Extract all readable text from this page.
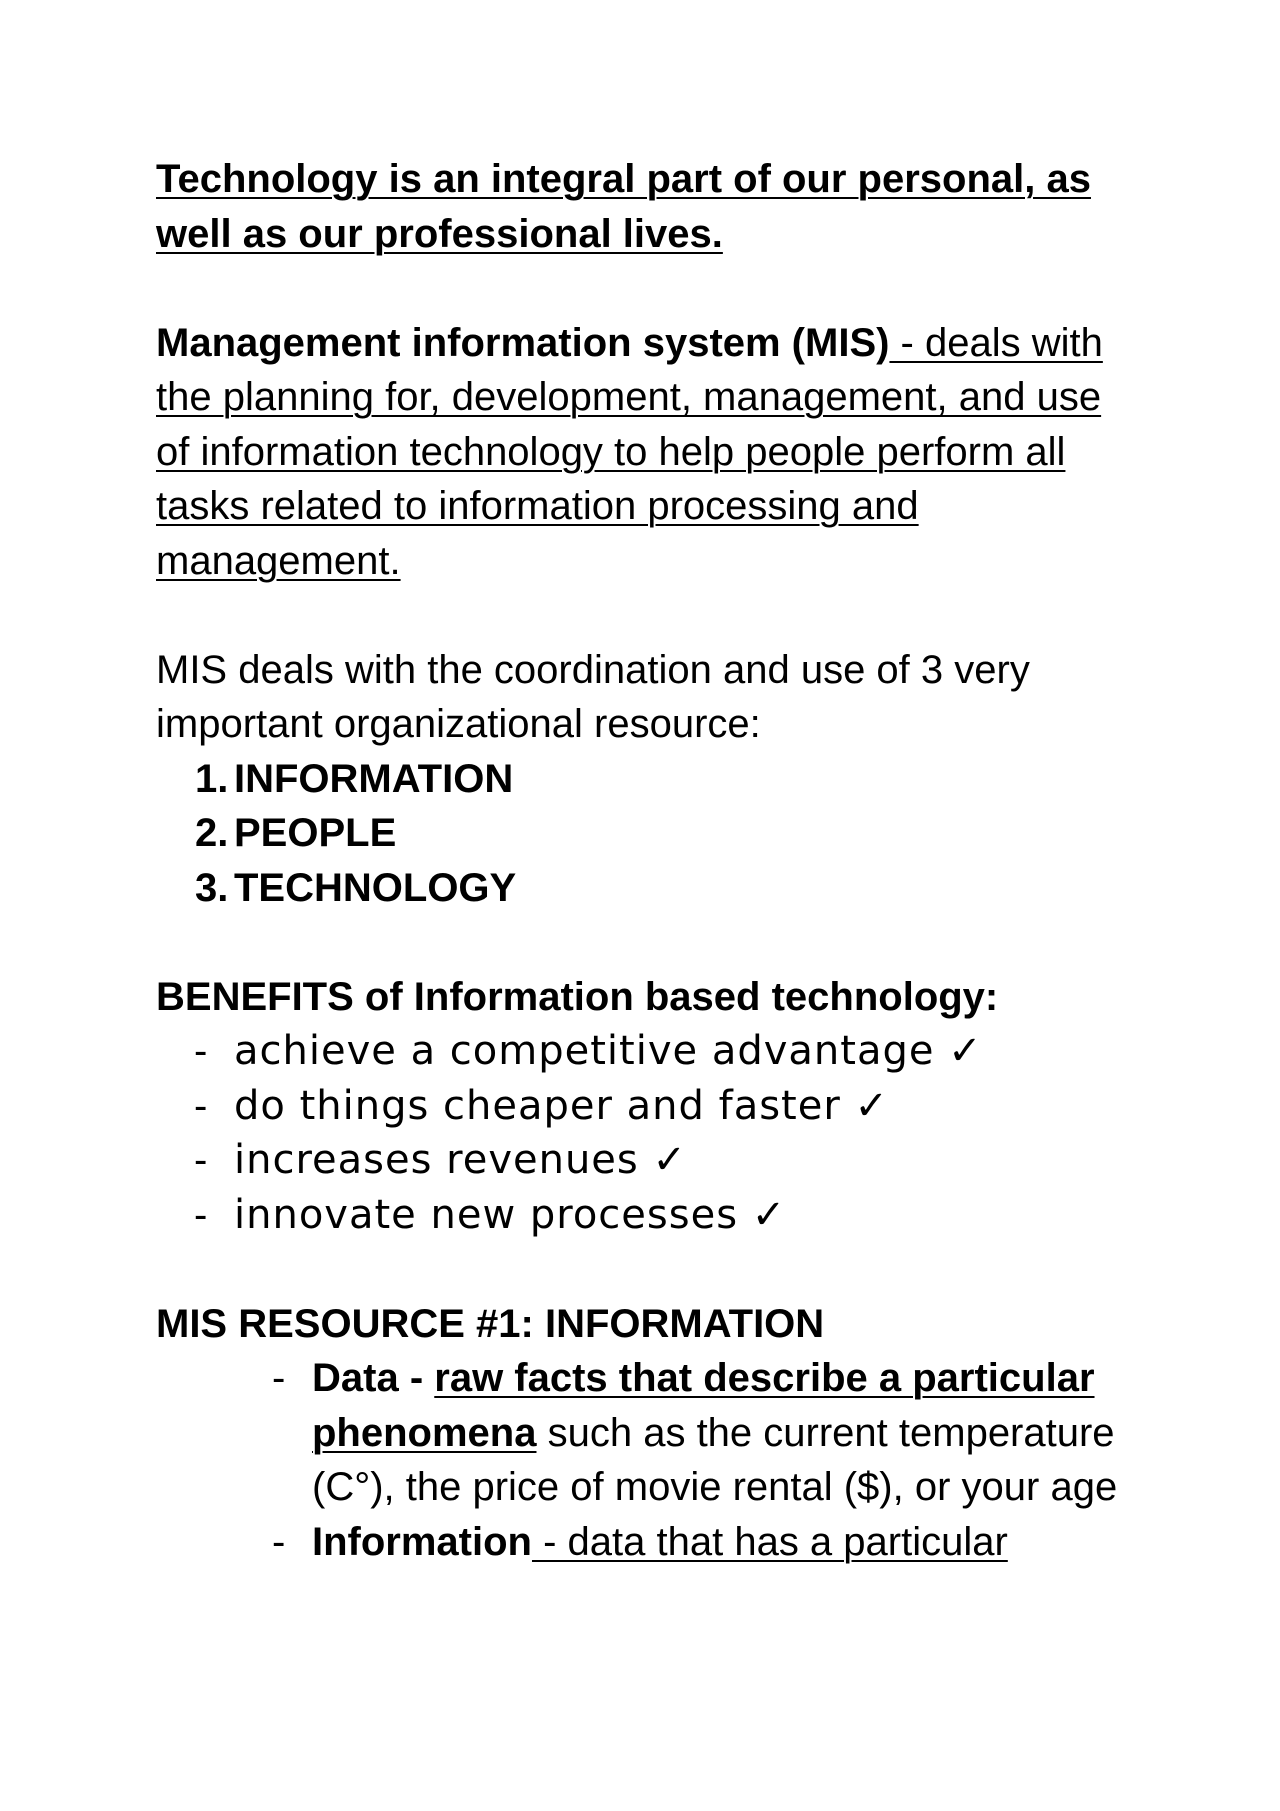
Technology is an integral part of our personal, as

well as our professional lives.

Management information system (MIS) - deals with the planning for, development, management, and use of information technology to help people perform all tasks related to information processing and management.

MIS deals with the coordination and use of 3 very important organizational resource:

1. INFORMATION
2. PEOPLE
3. TECHNOLOGY

BENEFITS of Information based technology:

- achieve a competitive advantage ✓
- do things cheaper and faster ✓
- increases revenues ✓
- innovate new processes ✓

MIS RESOURCE #1: INFORMATION

- Data - raw facts that describe a particular phenomena such as the current temperature (C°), the price of movie rental ($), or your age
- Information - data that has a particular
